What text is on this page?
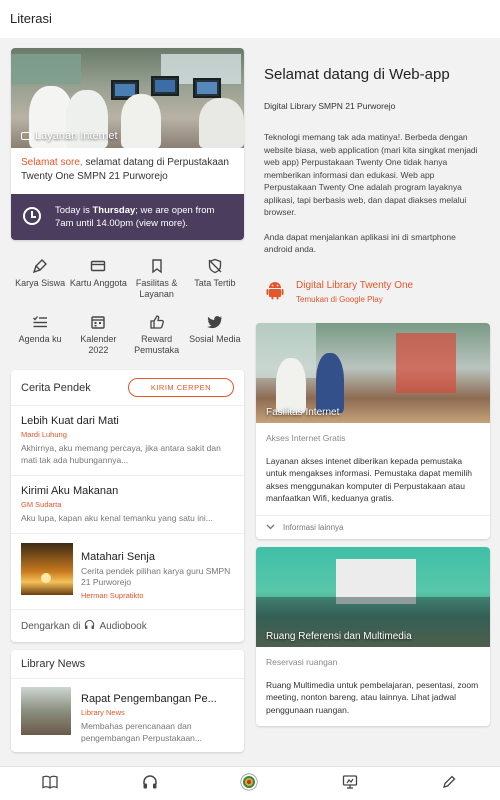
Literasi
Layanan Internet
Selamat sore, selamat datang di Perpustakaan Twenty One SMPN 21 Purworejo
Today is Thursday; we are open from 7am until 14.00pm (view more).
Karya Siswa Kartu Anggota Fasilitas & Layanan
Tata Tertib
Agenda ku	Kalender 2022
Reward Pemustaka
Sosial Media
Cerita Pendek	KIRIM CERPEN
Lebih Kuat dari Mati
Mardi Luhung
Akhirnya, aku memang percaya, jika antara sakit dan mati tak ada hubungannya...
Kirimi Aku Makanan
GM Sudarta
Aku lupa, kapan aku kenal temanku yang satu ini...
Matahari Senja
Cerita pendek pilihan karya guru SMPN 21 Purworejo
Herman Supratikto
Dengarkan di Audiobook
Library News
Rapat Pengembangan Pe...
Library News
Membahas perencanaan dan pengembangan Perpustakaan...
Selamat datang di Web-app
Digital Library SMPN 21 Purworejo
Teknologi memang tak ada matinya!. Berbeda dengan website biasa, web application (mari kita singkat menjadi web app) Perpustakaan Twenty One tidak hanya memberikan informasi dan edukasi. Web app Perpustakaan Twenty One adalah program layaknya aplikasi, tapi berbasis web, dan dapat diakses melalui browser.
Anda dapat menjalankan aplikasi ini di smartphone android anda.
Digital Library Twenty One
Temukan di Google Play
Fasilitas Internet
Akses Internet Gratis
Layanan akses intenet diberikan kepada pemustaka untuk mengakses informasi. Pemustaka dapat memilih akses menggunakan komputer di Perpustakaan atau manfaatkan Wifi, keduanya gratis.
Informasi lainnya
Ruang Referensi dan Multimedia
Reservasi ruangan
Ruang Multimedia untuk pembelajaran, pesentasi, zoom meeting, nonton bareng, atau lainnya. Lihat jadwal penggunaan ruangan.
